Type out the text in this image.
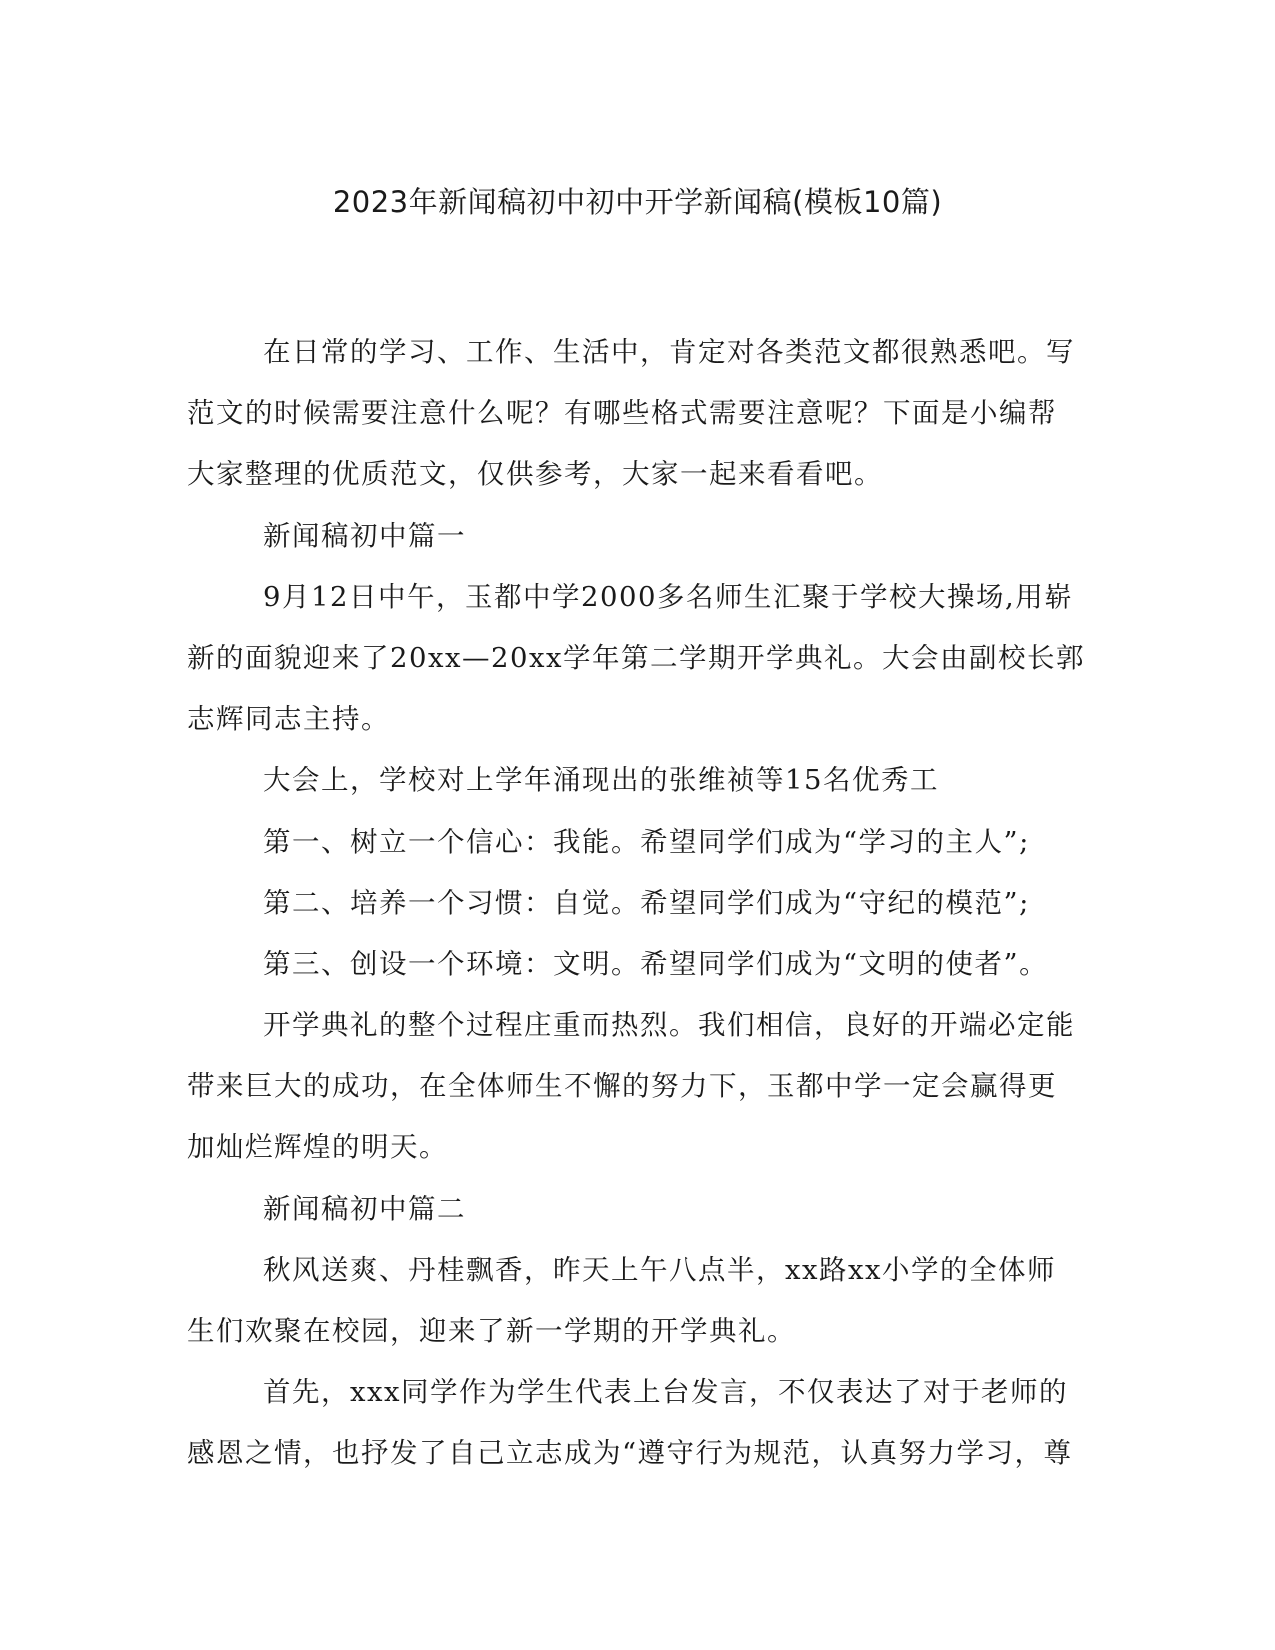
2023年新闻稿初中初中开学新闻稿(模板10篇)
在日常的学习、工作、生活中，肯定对各类范文都很熟悉吧。写
范文的时候需要注意什么呢？有哪些格式需要注意呢？下面是小编帮
大家整理的优质范文，仅供参考，大家一起来看看吧。
新闻稿初中篇一
9月12日中午，玉都中学2000多名师生汇聚于学校大操场,用崭
新的面貌迎来了20xx—20xx学年第二学期开学典礼。大会由副校长郭
志辉同志主持。
大会上，学校对上学年涌现出的张维祯等15名优秀工
第一、树立一个信心：我能。希望同学们成为“学习的主人”;
第二、培养一个习惯：自觉。希望同学们成为“守纪的模范”;
第三、创设一个环境：文明。希望同学们成为“文明的使者”。
开学典礼的整个过程庄重而热烈。我们相信，良好的开端必定能
带来巨大的成功，在全体师生不懈的努力下，玉都中学一定会赢得更
加灿烂辉煌的明天。
新闻稿初中篇二
秋风送爽、丹桂飘香，昨天上午八点半，xx路xx小学的全体师
生们欢聚在校园，迎来了新一学期的开学典礼。
首先，xxx同学作为学生代表上台发言，不仅表达了对于老师的
感恩之情，也抒发了自己立志成为“遵守行为规范，认真努力学习，尊
